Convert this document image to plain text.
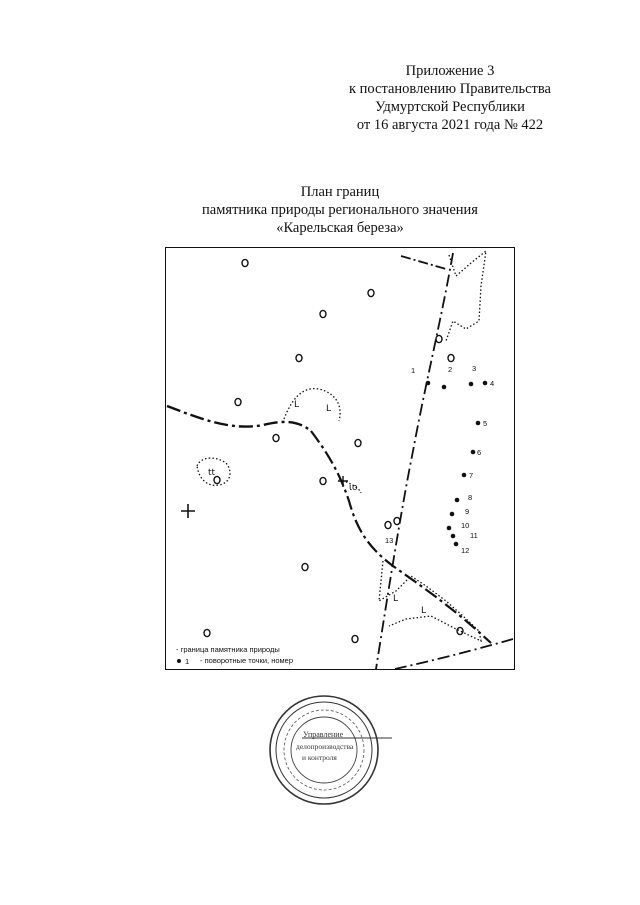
Приложение 3
к постановлению Правительства
Удмуртской Республики
от 16 августа 2021 года № 422
План границ
памятника природы регионального значения
«Карельская береза»
L	L
tt
ɩo
L
L
1	2	3
4
5
6
7
8
9
10
11
12
13
- граница памятника природы
1 - поворотные точки, номер
Управление
делопроизводства
и контроля
